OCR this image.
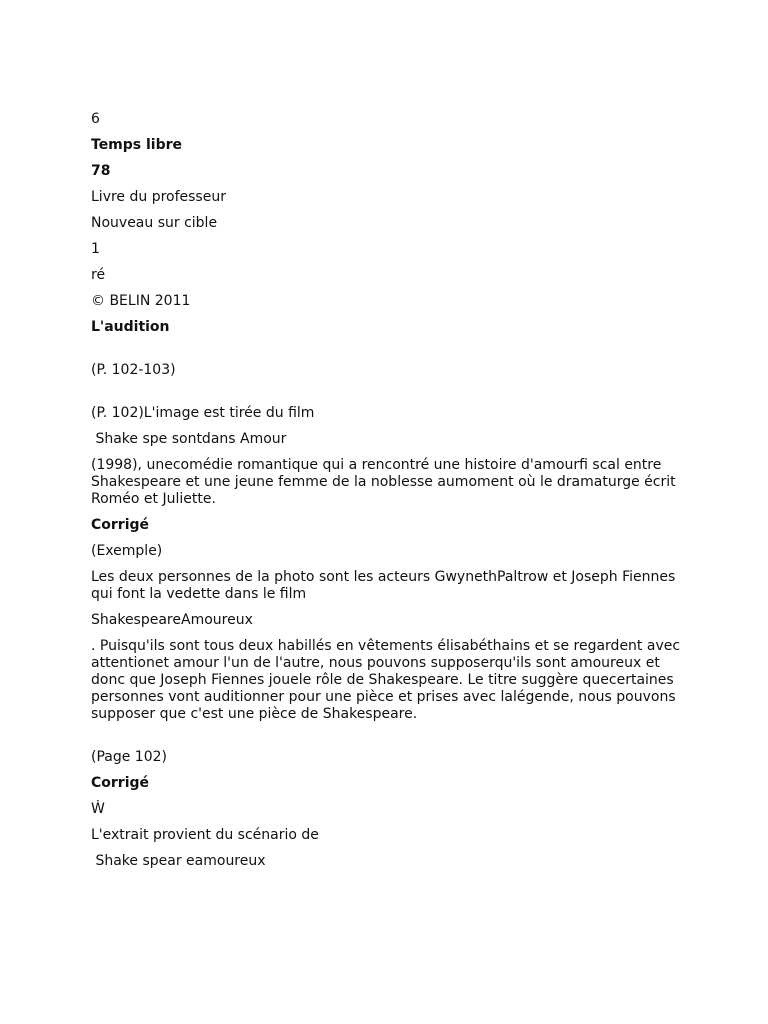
6
Temps libre
78
Livre du professeur
Nouveau sur cible
1
ré
© BELIN 2011
L'audition
(P. 102-103)
(P. 102)L'image est tirée du film
Shake spe sontdans Amour
(1998), unecomédie romantique qui a rencontré une histoire d'amourfi scal entre Shakespeare et une jeune femme de la noblesse aumoment où le dramaturge écrit Roméo et Juliette.
Corrigé
(Exemple)
Les deux personnes de la photo sont les acteurs GwynethPaltrow et Joseph Fiennes qui font la vedette dans le film
ShakespeareAmoureux
. Puisqu'ils sont tous deux habillés en vêtements élisabéthains et se regardent avec attentionet amour l'un de l'autre, nous pouvons supposerqu'ils sont amoureux et donc que Joseph Fiennes jouele rôle de Shakespeare. Le titre suggère quecertaines personnes vont auditionner pour une pièce et prises avec lalégende, nous pouvons supposer que c'est une pièce de Shakespeare.
(Page 102)
Corrigé
Ẇ
L'extrait provient du scénario de
Shake spear eamoureux
